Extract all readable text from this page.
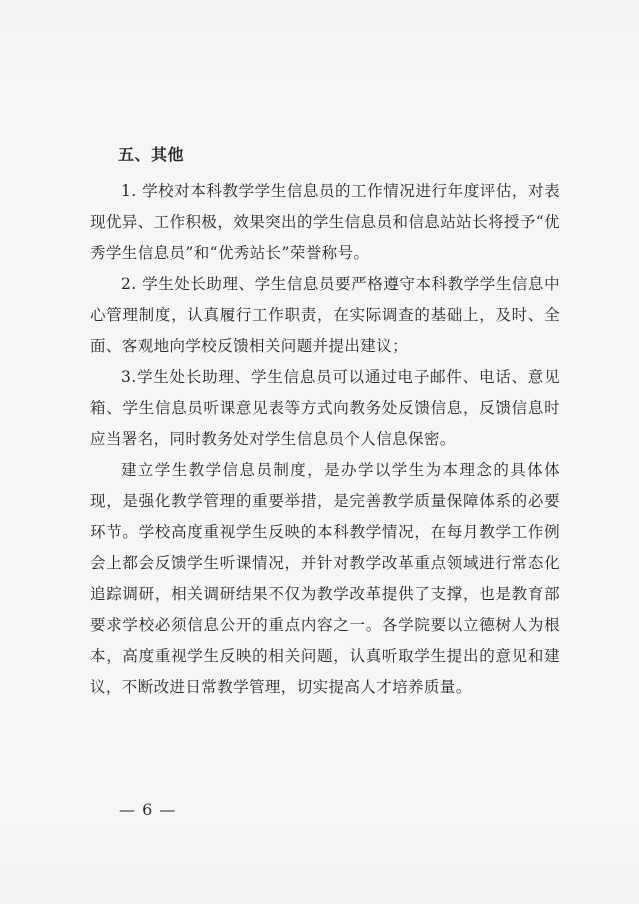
五、其他

1. 学校对本科教学学生信息员的工作情况进行年度评估，对表现优异、工作积极，效果突出的学生信息员和信息站站长将授予“优秀学生信息员”和“优秀站长”荣誉称号。

2. 学生处长助理、学生信息员要严格遵守本科教学学生信息中心管理制度，认真履行工作职责，在实际调查的基础上，及时、全面、客观地向学校反馈相关问题并提出建议；

3.学生处长助理、学生信息员可以通过电子邮件、电话、意见箱、学生信息员听课意见表等方式向教务处反馈信息，反馈信息时应当署名，同时教务处对学生信息员个人信息保密。

建立学生教学信息员制度，是办学以学生为本理念的具体体现，是强化教学管理的重要举措，是完善教学质量保障体系的必要环节。学校高度重视学生反映的本科教学情况，在每月教学工作例会上都会反馈学生听课情况，并针对教学改革重点领域进行常态化追踪调研，相关调研结果不仅为教学改革提供了支撑，也是教育部要求学校必须信息公开的重点内容之一。各学院要以立德树人为根本，高度重视学生反映的相关问题，认真听取学生提出的意见和建议，不断改进日常教学管理，切实提高人才培养质量。

— 6 —
